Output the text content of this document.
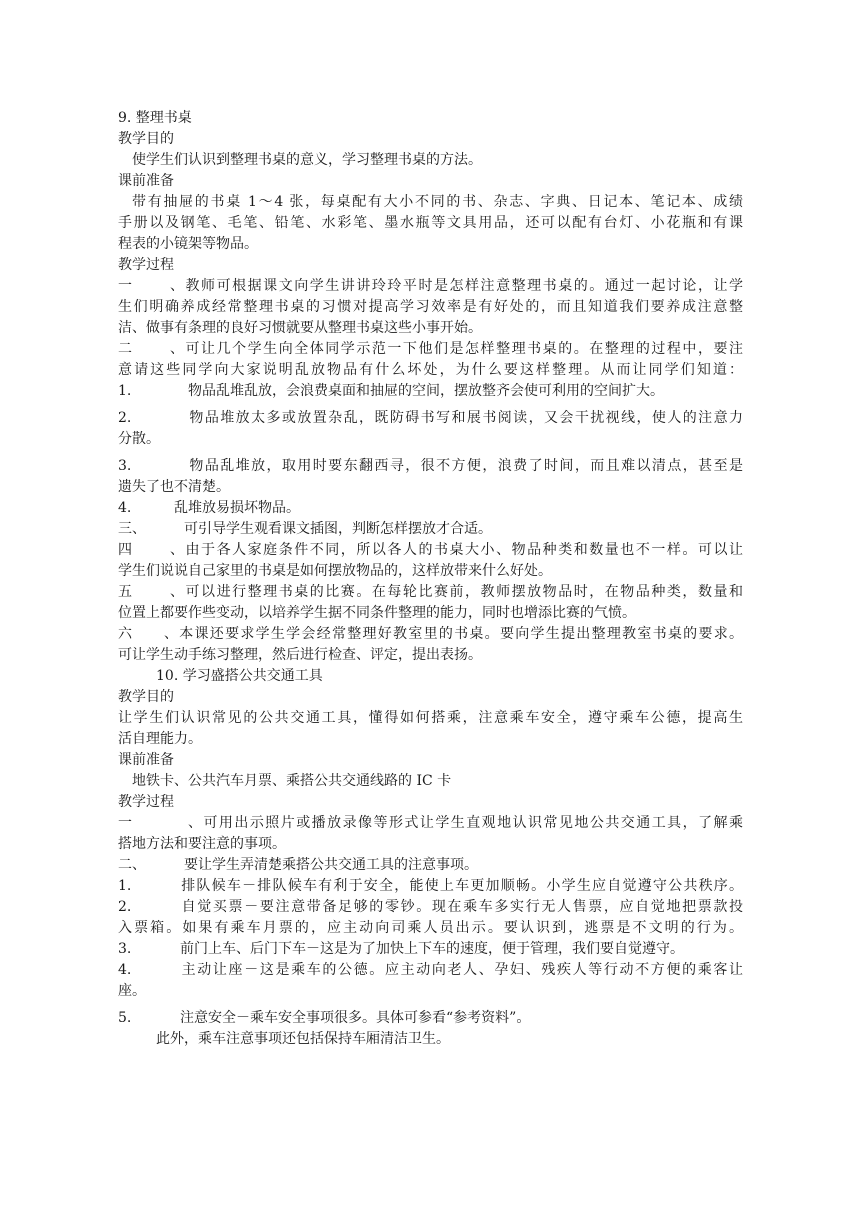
9. 整理书桌
教学目的
使学生们认识到整理书桌的意义，学习整理书桌的方法。
课前准备
带有抽屉的书桌 1～4 张，每桌配有大小不同的书、杂志、字典、日记本、笔记本、成绩
手册以及钢笔、毛笔、铅笔、水彩笔、墨水瓶等文具用品，还可以配有台灯、小花瓶和有课
程表的小镜架等物品。
教学过程
一、教师可根据课文向学生讲讲玲玲平时是怎样注意整理书桌的。通过一起讨论，让学
生们明确养成经常整理书桌的习惯对提高学习效率是有好处的，而且知道我们要养成注意整
洁、做事有条理的良好习惯就要从整理书桌这些小事开始。
二、可让几个学生向全体同学示范一下他们是怎样整理书桌的。在整理的过程中，要注
意请这些同学向大家说明乱放物品有什么坏处，为什么要这样整理。从而让同学们知道：
1.	物品乱堆乱放，会浪费桌面和抽屉的空间，摆放整齐会使可利用的空间扩大。
2.	物品堆放太多或放置杂乱，既防碍书写和展书阅读，又会干扰视线，使人的注意力
分散。
3.	物品乱堆放，取用时要东翻西寻，很不方便，浪费了时间，而且难以清点，甚至是
遗失了也不清楚。
4.	乱堆放易损坏物品。
三、	可引导学生观看课文插图，判断怎样摆放才合适。
四、由于各人家庭条件不同，所以各人的书桌大小、物品种类和数量也不一样。可以让
学生们说说自己家里的书桌是如何摆放物品的，这样放带来什么好处。
五、可以进行整理书桌的比赛。在每轮比赛前，教师摆放物品时，在物品种类，数量和
位置上都要作些变动，以培养学生据不同条件整理的能力，同时也增添比赛的气愤。
六、本课还要求学生学会经常整理好教室里的书桌。要向学生提出整理教室书桌的要求。
可让学生动手练习整理，然后进行检查、评定，提出表扬。
10. 学习盛搭公共交通工具
教学目的
让学生们认识常见的公共交通工具，懂得如何搭乘，注意乘车安全，遵守乘车公德，提高生
活自理能力。
课前准备
地铁卡、公共汽车月票、乘搭公共交通线路的 IC 卡
教学过程
一、可用出示照片或播放录像等形式让学生直观地认识常见地公共交通工具，了解乘
搭地方法和要注意的事项。
二、	要让学生弄清楚乘搭公共交通工具的注意事项。
1.	排队候车－排队候车有利于安全，能使上车更加顺畅。小学生应自觉遵守公共秩序。
2.	自觉买票－要注意带备足够的零钞。现在乘车多实行无人售票，应自觉地把票款投
入票箱。如果有乘车月票的，应主动向司乘人员出示。要认识到，逃票是不文明的行为。
3.	前门上车、后门下车－这是为了加快上下车的速度，便于管理，我们要自觉遵守。
4.	主动让座－这是乘车的公德。应主动向老人、孕妇、残疾人等行动不方便的乘客让
座。
5.	注意安全－乘车安全事项很多。具体可参看“参考资料”。
此外，乘车注意事项还包括保持车厢清洁卫生。
